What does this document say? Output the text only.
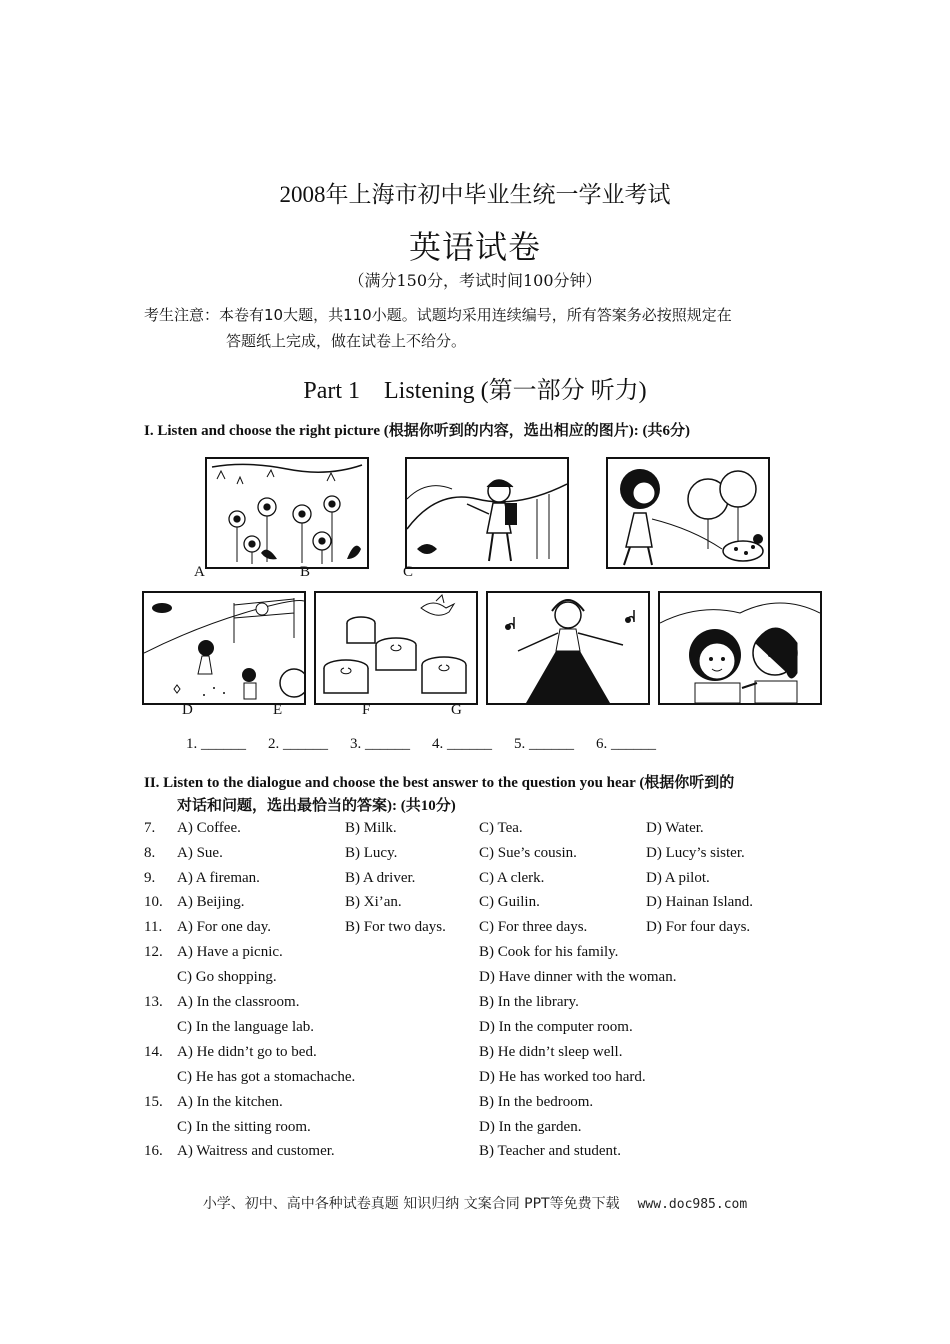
2008年上海市初中毕业生统一学业考试
英语试卷
（满分150分，考试时间100分钟）
考生注意：本卷有10大题，共110小题。试题均采用连续编号，所有答案务必按照规定在
答题纸上完成，做在试卷上不给分。
Part 1　Listening (第一部分 听力)
I. Listen and choose the right picture (根据你听到的内容，选出相应的图片): (共6分)
A	B	C
D	E	F	G
1. ______ 2. ______ 3. ______ 4. ______ 5. ______ 6. ______
II. Listen to the dialogue and choose the best answer to the question you hear (根据你听到的
对话和问题，选出最恰当的答案): (共10分)
7. A) Coffee.	B) Milk.	C) Tea.	D) Water.
8. A) Sue.	B) Lucy.	C) Sue’s cousin.	D) Lucy’s sister.
9. A) A fireman.	B) A driver.	C) A clerk.	D) A pilot.
10. A) Beijing.	B) Xi’an.	C) Guilin.	D) Hainan Island.
11. A) For one day.	B) For two days. C) For three days.	D) For four days.
12. A) Have a picnic.	B) Cook for his family.
C) Go shopping.	D) Have dinner with the woman.
13. A) In the classroom.	B) In the library.
C) In the language lab.	D) In the computer room.
14. A) He didn’t go to bed.	B) He didn’t sleep well.
C) He has got a stomachache.	D) He has worked too hard.
15. A) In the kitchen.	B) In the bedroom.
C) In the sitting room.	D) In the garden.
16. A) Waitress and customer.	B) Teacher and student.
小学、初中、高中各种试卷真题 知识归纳 文案合同 PPT等免费下载 www.doc985.com
